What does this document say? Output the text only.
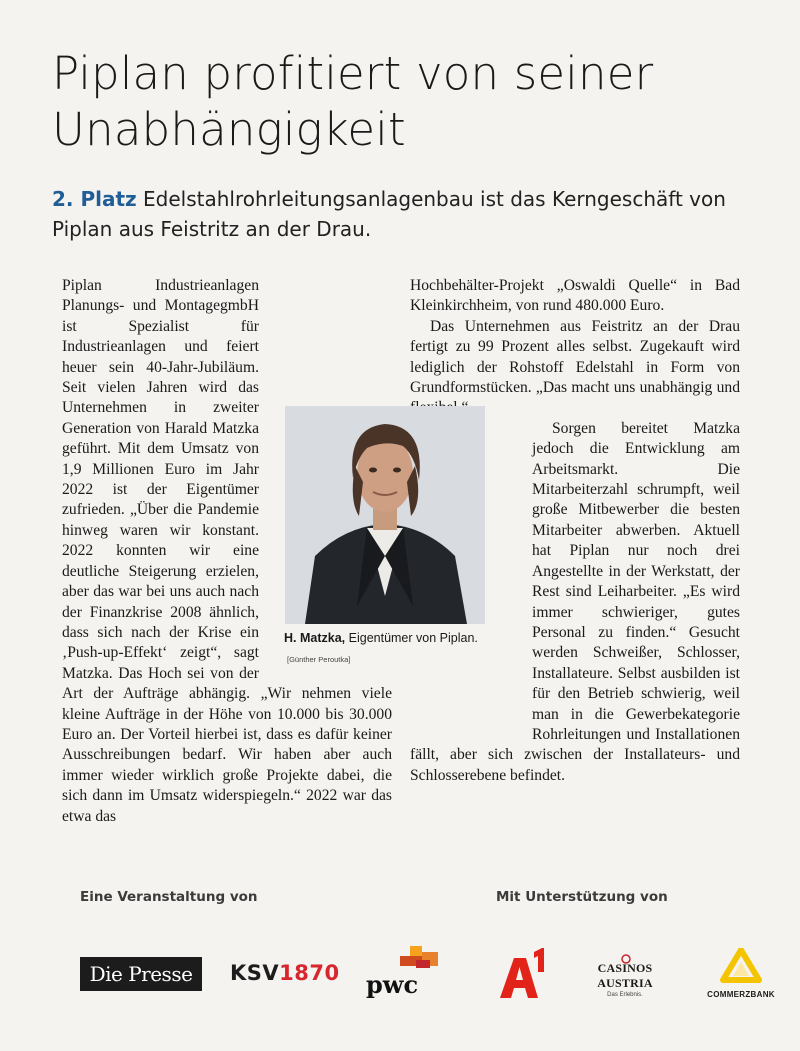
Piplan profitiert von seiner Unabhängigkeit

2. Platz Edelstahlrohrleitungsanlagenbau ist das Kerngeschäft von Piplan aus Feistritz an der Drau.

Piplan Industrieanlagen Planungs- und MontagegmbH ist Spezialist für Industrieanlagen und feiert heuer sein 40-Jahr-Jubiläum. Seit vielen Jahren wird das Unternehmen in zweiter Generation von Harald Matzka geführt. Mit dem Umsatz von 1,9 Millionen Euro im Jahr 2022 ist der Eigentümer zufrieden. „Über die Pandemie hinweg waren wir konstant. 2022 konnten wir eine deutliche Steigerung erzielen, aber das war bei uns auch nach der Finanzkrise 2008 ähnlich, dass sich nach der Krise ein ‚Push-up-Effekt‘ zeigt“, sagt Matzka. Das Hoch sei von der Art der Aufträge abhängig. „Wir nehmen viele kleine Aufträge in der Höhe von 10.000 bis 30.000 Euro an. Der Vorteil hierbei ist, dass es dafür keiner Ausschreibungen bedarf. Wir haben aber auch immer wieder wirklich große Projekte dabei, die sich dann im Umsatz widerspiegeln.“ 2022 war das etwa das

Hochbehälter-Projekt „Oswaldi Quelle“ in Bad Kleinkirchheim, von rund 480.000 Euro.

Das Unternehmen aus Feistritz an der Drau fertigt zu 99 Prozent alles selbst. Zugekauft wird lediglich der Rohstoff Edelstahl in Form von Grundformstücken. „Das macht uns unabhängig und

Sorgen bereitet Matzka jedoch die Entwicklung am Arbeitsmarkt. Die Mitarbeiterzahl schrumpft, weil große Mitbewerber die besten Mitarbeiter abwerben. Aktuell hat Piplan nur noch drei Angestellte in der Werkstatt, der Rest sind Leiharbeiter. „Es wird immer schwieriger, gutes Personal zu finden.“ Gesucht werden Schweißer, Schlosser, Installateure. Selbst ausbilden ist für den Betrieb schwierig, weil man in die Gewerbekategorie Rohrleitungen und Installationen fällt, aber sich zwischen der Installateurs- und Schlosserebene befindet.

H. Matzka, Eigentümer von Piplan. [Günther Peroutka]
Eine Veranstaltung von	Mit Unterstützung von
Die Presse	KSV1870 pwc
CASINOS AUSTRIA
Das Erlebnis.	COMMERZBANK
